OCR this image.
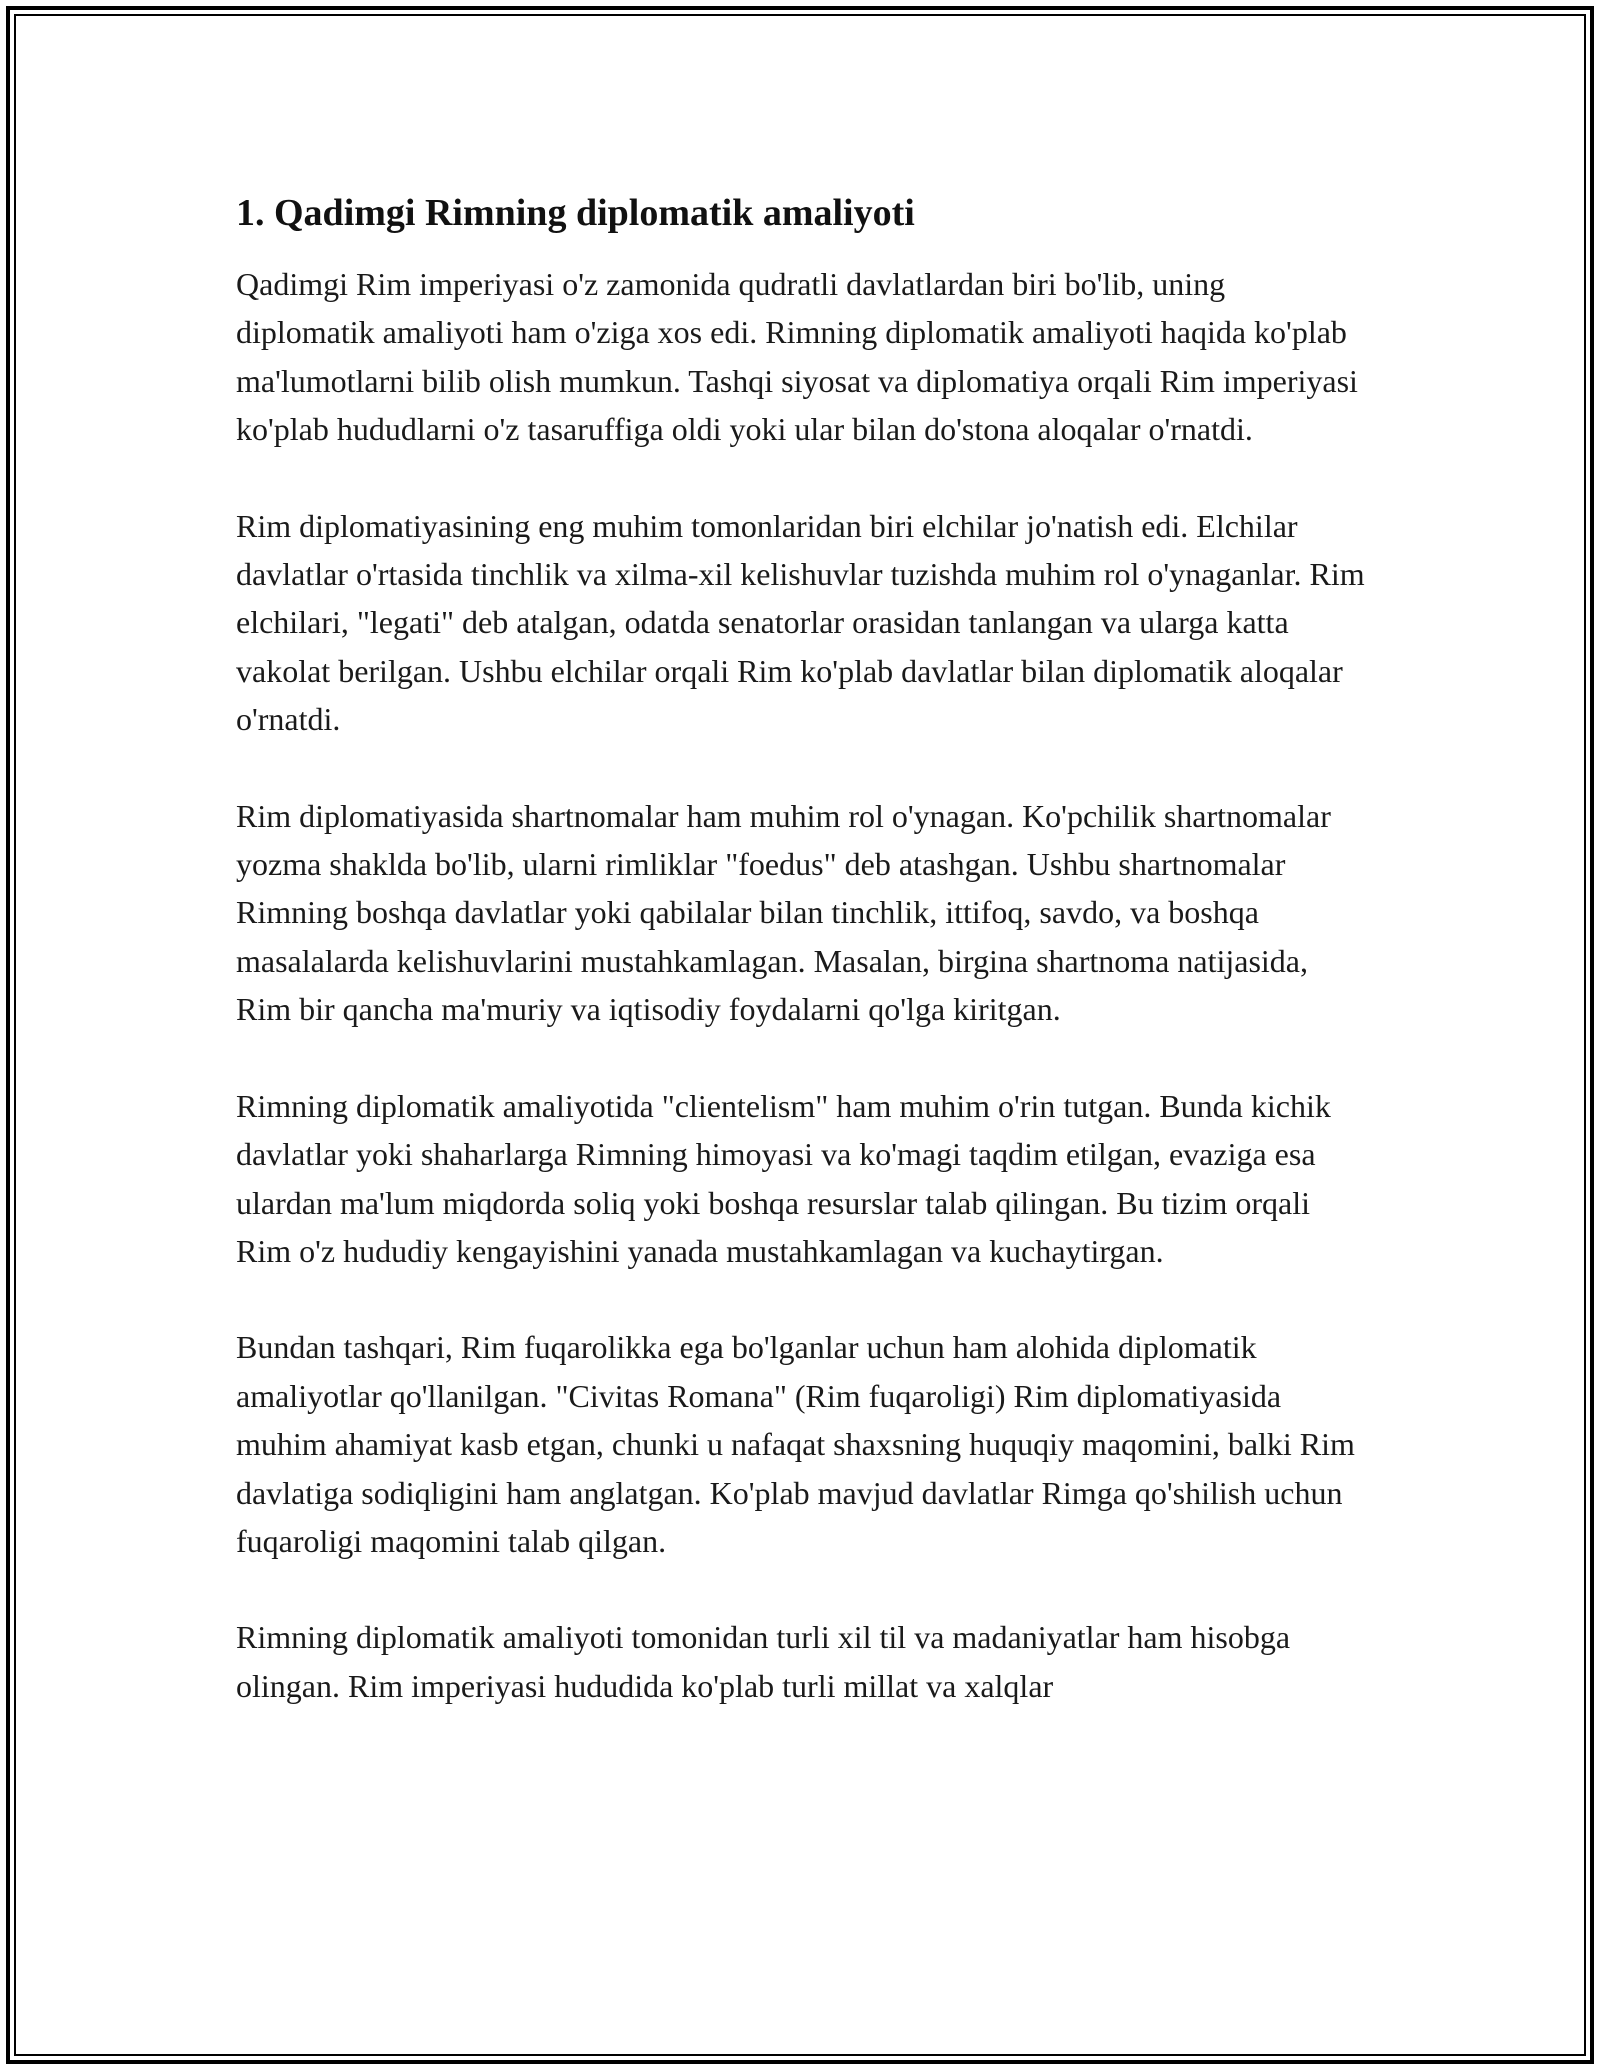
1. Qadimgi Rimning diplomatik amaliyoti

Qadimgi Rim imperiyasi o'z zamonida qudratli davlatlardan biri bo'lib, uning diplomatik amaliyoti ham o'ziga xos edi. Rimning diplomatik amaliyoti haqida ko'plab ma'lumotlarni bilib olish mumkun. Tashqi siyosat va diplomatiya orqali Rim imperiyasi ko'plab hududlarni o'z tasaruffiga oldi yoki ular bilan do'stona aloqalar o'rnatdi.

Rim diplomatiyasining eng muhim tomonlaridan biri elchilar jo'natish edi. Elchilar davlatlar o'rtasida tinchlik va xilma-xil kelishuvlar tuzishda muhim rol o'ynaganlar. Rim elchilari, "legati" deb atalgan, odatda senatorlar orasidan tanlangan va ularga katta vakolat berilgan. Ushbu elchilar orqali Rim ko'plab davlatlar bilan diplomatik aloqalar o'rnatdi.

Rim diplomatiyasida shartnomalar ham muhim rol o'ynagan. Ko'pchilik shartnomalar yozma shaklda bo'lib, ularni rimliklar "foedus" deb atashgan. Ushbu shartnomalar Rimning boshqa davlatlar yoki qabilalar bilan tinchlik, ittifoq, savdo, va boshqa masalalarda kelishuvlarini mustahkamlagan. Masalan, birgina shartnoma natijasida, Rim bir qancha ma'muriy va iqtisodiy foydalarni qo'lga kiritgan.

Rimning diplomatik amaliyotida "clientelism" ham muhim o'rin tutgan. Bunda kichik davlatlar yoki shaharlarga Rimning himoyasi va ko'magi taqdim etilgan, evaziga esa ulardan ma'lum miqdorda soliq yoki boshqa resurslar talab qilingan. Bu tizim orqali Rim o'z hududiy kengayishini yanada mustahkamlagan va kuchaytirgan.

Bundan tashqari, Rim fuqarolikka ega bo'lganlar uchun ham alohida diplomatik amaliyotlar qo'llanilgan. "Civitas Romana" (Rim fuqaroligi) Rim diplomatiyasida muhim ahamiyat kasb etgan, chunki u nafaqat shaxsning huquqiy maqomini, balki Rim davlatiga sodiqligini ham anglatgan. Ko'plab mavjud davlatlar Rimga qo'shilish uchun fuqaroligi maqomini talab qilgan.

Rimning diplomatik amaliyoti tomonidan turli xil til va madaniyatlar ham hisobga olingan. Rim imperiyasi hududida ko'plab turli millat va xalqlar
